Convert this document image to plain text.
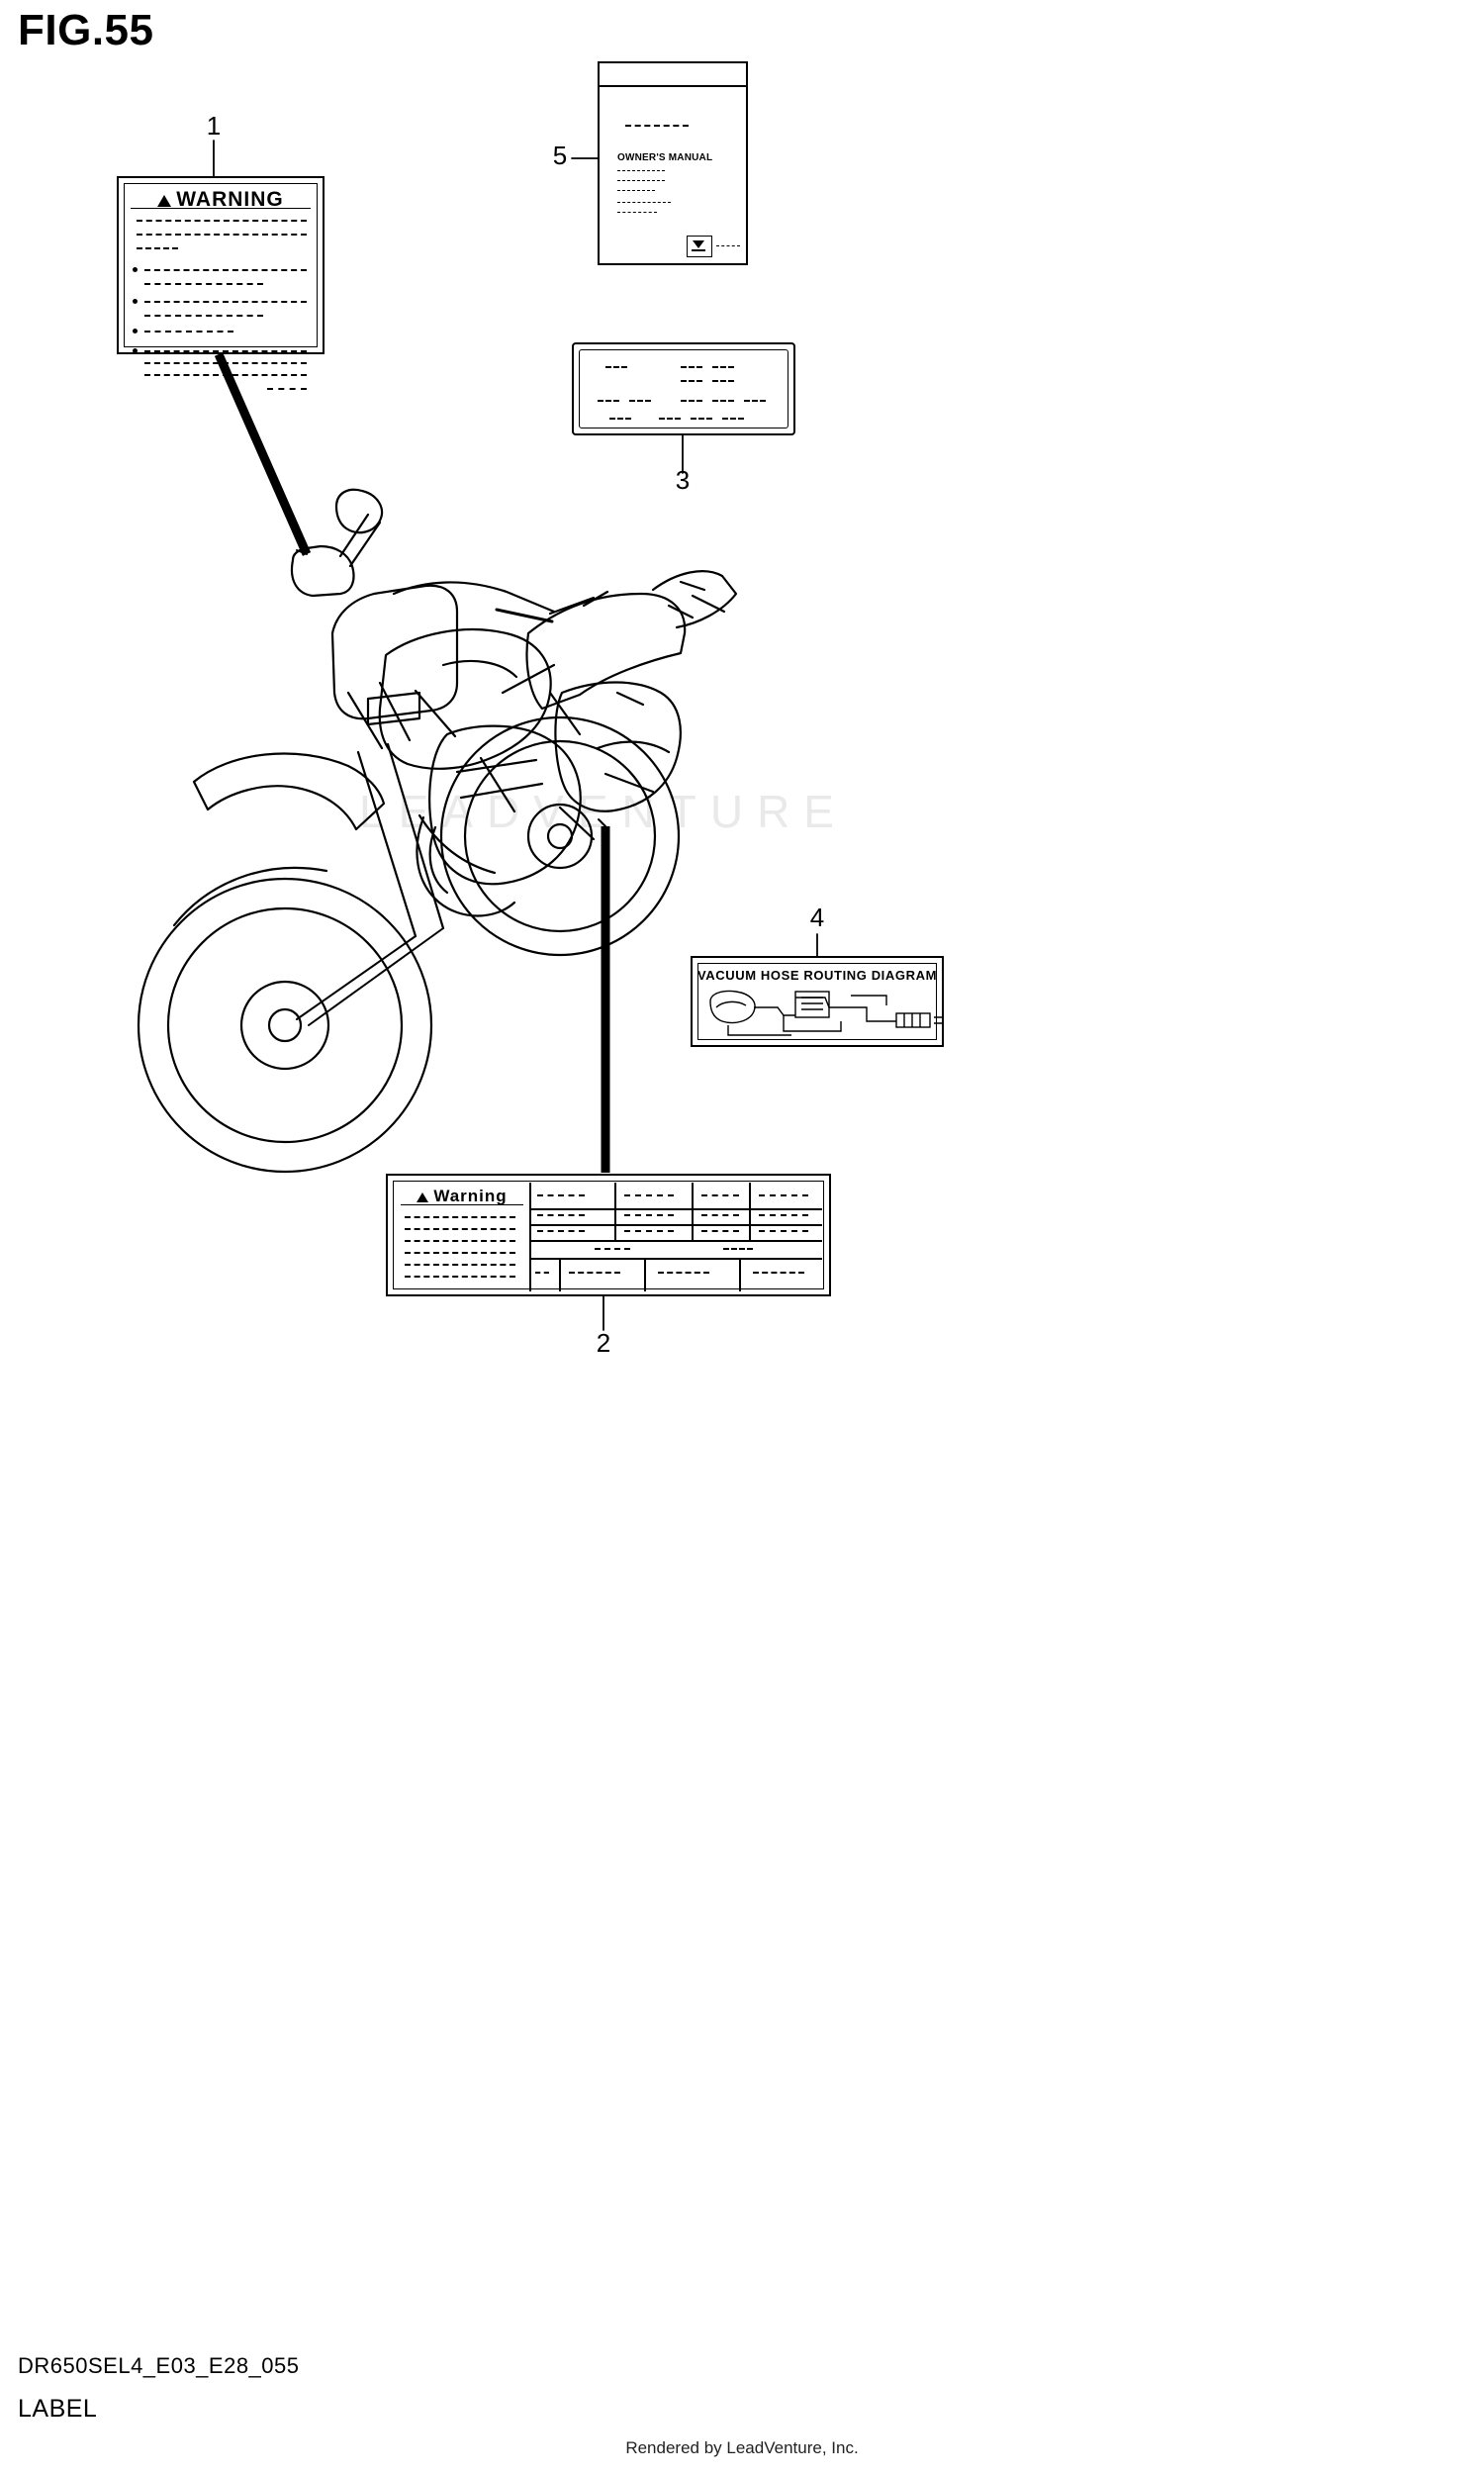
FIG.55
LEADVENTURE
1
2
3
4
5
WARNING
OWNER'S MANUAL
VACUUM HOSE ROUTING DIAGRAM
Warning
DR650SEL4_E03_E28_055
LABEL
Rendered by LeadVenture, Inc.
